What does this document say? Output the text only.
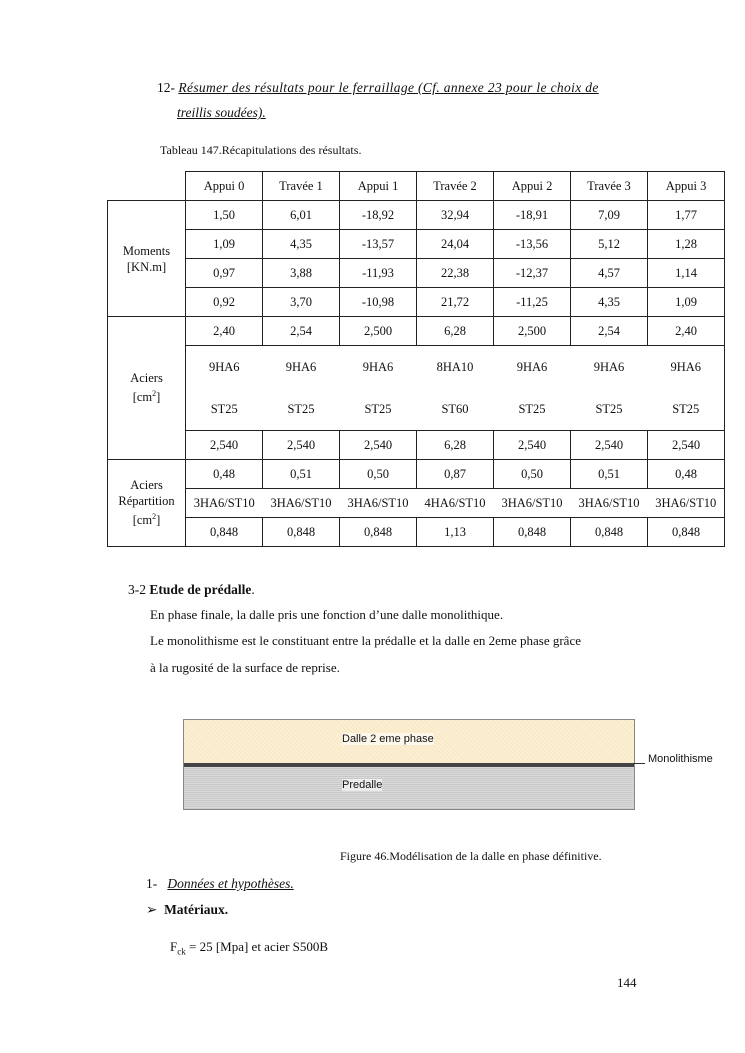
12- Résumer des résultats pour le ferraillage (Cf. annexe 23 pour le choix de
treillis soudées).
Tableau 147.Récapitulations des résultats.
	Appui 0	Travée 1	Appui 1	Travée 2	Appui 2	Travée 3	Appui 3
Moments
[KN.m]	1,50	6,01	-18,92	32,94	-18,91	7,09	1,77
	1,09	4,35	-13,57	24,04	-13,56	5,12	1,28
	0,97	3,88	-11,93	22,38	-12,37	4,57	1,14
	0,92	3,70	-10,98	21,72	-11,25	4,35	1,09
Aciers
$[cm^2]$	2,40	2,54	2,500	6,28	2,500	2,54	2,40
	9HA6	9HA6	9HA6	8HA10	9HA6	9HA6	9HA6
	ST25	ST25	ST25	ST60	ST25	ST25	ST25
	2,540	2,540	2,540	6,28	2,540	2,540	2,540
Aciers
Répartition
$[cm^2]$	0,48	0,51	0,50	0,87	0,50	0,51	0,48
	3HA6/ST10	3HA6/ST10	3HA6/ST10	4HA6/ST10	3HA6/ST10	3HA6/ST10	3HA6/ST10
	0,848	0,848	0,848	1,13	0,848	0,848	0,848
3-2 Etude de prédalle.
En phase finale, la dalle pris une fonction d’une dalle monolithique.
Le monolithisme est le constituant entre la prédalle et la dalle en 2eme phase grâce
à la rugosité de la surface de reprise.
Dalle 2 eme phase
Predalle
Monolithisme
Figure 46.Modélisation de la dalle en phase définitive.
1- Données et hypothèses.
➢ Matériaux.
$F_{ck} = 25$ [Mpa] et acier S500B
144
